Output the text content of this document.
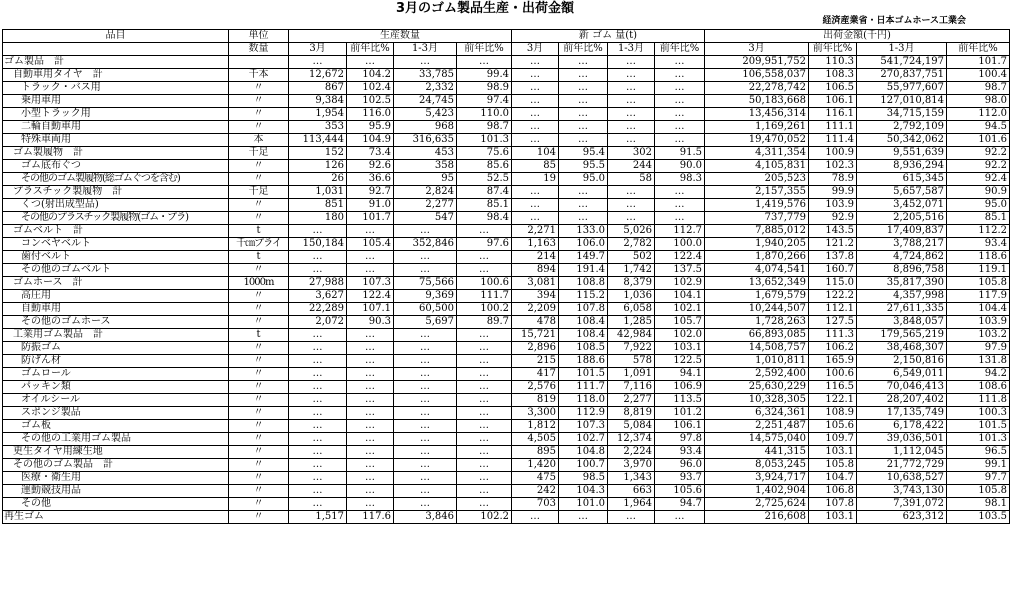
3月のゴム製品生産・出荷金額
経済産業省・日本ゴムホース工業会
品目	単位	生産数量				新 ゴム 量(t)				出荷金額(千円)			
	数量	3月	前年比%	1-3月	前年比%	3月	前年比%	1-3月	前年比%	3月	前年比%	1-3月	前年比%
ゴム製品　計		…	…	…	…	…	…	…	…	209,951,752	110.3	541,724,197	101.7
自動車用タイヤ　計	千本	12,672	104.2	33,785	99.4	…	…	…	…	106,558,037	108.3	270,837,751	100.4
トラック・バス用	〃	867	102.4	2,332	98.9	…	…	…	…	22,278,742	106.5	55,977,607	98.7
乗用車用	〃	9,384	102.5	24,745	97.4	…	…	…	…	50,183,668	106.1	127,010,814	98.0
小型トラック用	〃	1,954	116.0	5,423	110.0	…	…	…	…	13,456,314	116.1	34,715,159	112.0
二輪自動車用	〃	353	95.9	968	98.7	…	…	…	…	1,169,261	111.1	2,792,109	94.5
特殊車両用	本	113,444	104.9	316,635	101.3	…	…	…	…	19,470,052	111.4	50,342,062	101.6
ゴム製履物　計	千足	152	73.4	453	75.6	104	95.4	302	91.5	4,311,354	100.9	9,551,639	92.2
ゴム底布ぐつ	〃	126	92.6	358	85.6	85	95.5	244	90.0	4,105,831	102.3	8,936,294	92.2
その他のゴム製履物(総ゴムぐつを含む)	〃	26	36.6	95	52.5	19	95.0	58	98.3	205,523	78.9	615,345	92.4
プラスチック製履物　計	千足	1,031	92.7	2,824	87.4	…	…	…	…	2,157,355	99.9	5,657,587	90.9
くつ(射出成型品)	〃	851	91.0	2,277	85.1	…	…	…	…	1,419,576	103.9	3,452,071	95.0
その他のプラスチック製履物(ゴム・プラ)	〃	180	101.7	547	98.4	…	…	…	…	737,779	92.9	2,205,516	85.1
ゴムベルト　計	t	…	…	…	…	2,271	133.0	5,026	112.7	7,885,012	143.5	17,409,837	112.2
コンベヤベルト	千㎝プライ	150,184	105.4	352,846	97.6	1,163	106.0	2,782	100.0	1,940,205	121.2	3,788,217	93.4
歯付ベルト	t	…	…	…	…	214	149.7	502	122.4	1,870,266	137.8	4,724,862	118.6
その他のゴムベルト	〃	…	…	…	…	894	191.4	1,742	137.5	4,074,541	160.7	8,896,758	119.1
ゴムホース　計	1000m	27,988	107.3	75,566	100.6	3,081	108.8	8,379	102.9	13,652,349	115.0	35,817,390	105.8
高圧用	〃	3,627	122.4	9,369	111.7	394	115.2	1,036	104.1	1,679,579	122.2	4,357,998	117.9
自動車用	〃	22,289	107.1	60,500	100.2	2,209	107.8	6,058	102.1	10,244,507	112.1	27,611,335	104.4
その他のゴムホース	〃	2,072	90.3	5,697	89.7	478	108.4	1,285	105.7	1,728,263	127.5	3,848,057	103.9
工業用ゴム製品　計	t	…	…	…	…	15,721	108.4	42,984	102.0	66,893,085	111.3	179,565,219	103.2
防振ゴム	〃	…	…	…	…	2,896	108.5	7,922	103.1	14,508,757	106.2	38,468,307	97.9
防げん材	〃	…	…	…	…	215	188.6	578	122.5	1,010,811	165.9	2,150,816	131.8
ゴムロール	〃	…	…	…	…	417	101.5	1,091	94.1	2,592,400	100.6	6,549,011	94.2
パッキン類	〃	…	…	…	…	2,576	111.7	7,116	106.9	25,630,229	116.5	70,046,413	108.6
オイルシール	〃	…	…	…	…	819	118.0	2,277	113.5	10,328,305	122.1	28,207,402	111.8
スポンジ製品	〃	…	…	…	…	3,300	112.9	8,819	101.2	6,324,361	108.9	17,135,749	100.3
ゴム板	〃	…	…	…	…	1,812	107.3	5,084	106.1	2,251,487	105.6	6,178,422	101.5
その他の工業用ゴム製品	〃	…	…	…	…	4,505	102.7	12,374	97.8	14,575,040	109.7	39,036,501	101.3
更生タイヤ用練生地	〃	…	…	…	…	895	104.8	2,224	93.4	441,315	103.1	1,112,045	96.5
その他のゴム製品　計	〃	…	…	…	…	1,420	100.7	3,970	96.0	8,053,245	105.8	21,772,729	99.1
医療・衛生用	〃	…	…	…	…	475	98.5	1,343	93.7	3,924,717	104.7	10,638,527	97.7
運動競技用品	〃	…	…	…	…	242	104.3	663	105.6	1,402,904	106.8	3,743,130	105.8
その他	〃	…	…	…	…	703	101.0	1,964	94.7	2,725,624	107.8	7,391,072	98.1
再生ゴム	〃	1,517	117.6	3,846	102.2	…	…	…	…	216,608	103.1	623,312	103.5
